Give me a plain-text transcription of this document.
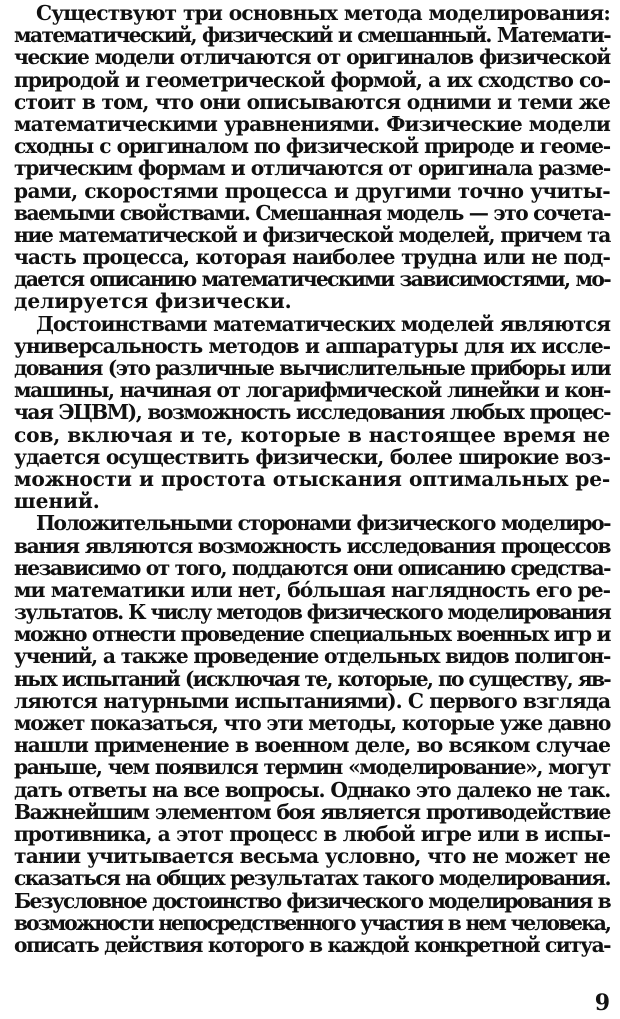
Существуют три основных метода моделирования:
математический, физический и смешанный. Математи-
ческие модели отличаются от оригиналов физической
природой и геометрической формой, а их сходство со-
стоит в том, что они описываются одними и теми же
математическими уравнениями. Физические модели
сходны с оригиналом по физической природе и геоме-
трическим формам и отличаются от оригинала разме-
рами, скоростями процесса и другими точно учиты-
ваемыми свойствами. Смешанная модель — это сочета-
ние математической и физической моделей, причем та
часть процесса, которая наиболее трудна или не под-
дается описанию математическими зависимостями, мо-
делируется физически.
Достоинствами математических моделей являются
универсальность методов и аппаратуры для их иссле-
дования (это различные вычислительные приборы или
машины, начиная от логарифмической линейки и кон-
чая ЭЦВМ), возможность исследования любых процес-
сов, включая и те, которые в настоящее время не
удается осуществить физически, более широкие воз-
можности и простота отыскания оптимальных ре-
шений.
Положительными сторонами физического моделиро-
вания являются возможность исследования процессов
независимо от того, поддаются они описанию средства-
ми математики или нет, бо́льшая наглядность его ре-
зультатов. К числу методов физического моделирования
можно отнести проведение специальных военных игр и
учений, а также проведение отдельных видов полигон-
ных испытаний (исключая те, которые, по существу, яв-
ляются натурными испытаниями). С первого взгляда
может показаться, что эти методы, которые уже давно
нашли применение в военном деле, во всяком случае
раньше, чем появился термин «моделирование», могут
дать ответы на все вопросы. Однако это далеко не так.
Важнейшим элементом боя является противодействие
противника, а этот процесс в любой игре или в испы-
тании учитывается весьма условно, что не может не
сказаться на общих результатах такого моделирования.
Безусловное достоинство физического моделирования в
возможности непосредственного участия в нем человека,
описать действия которого в каждой конкретной ситуа-
9
